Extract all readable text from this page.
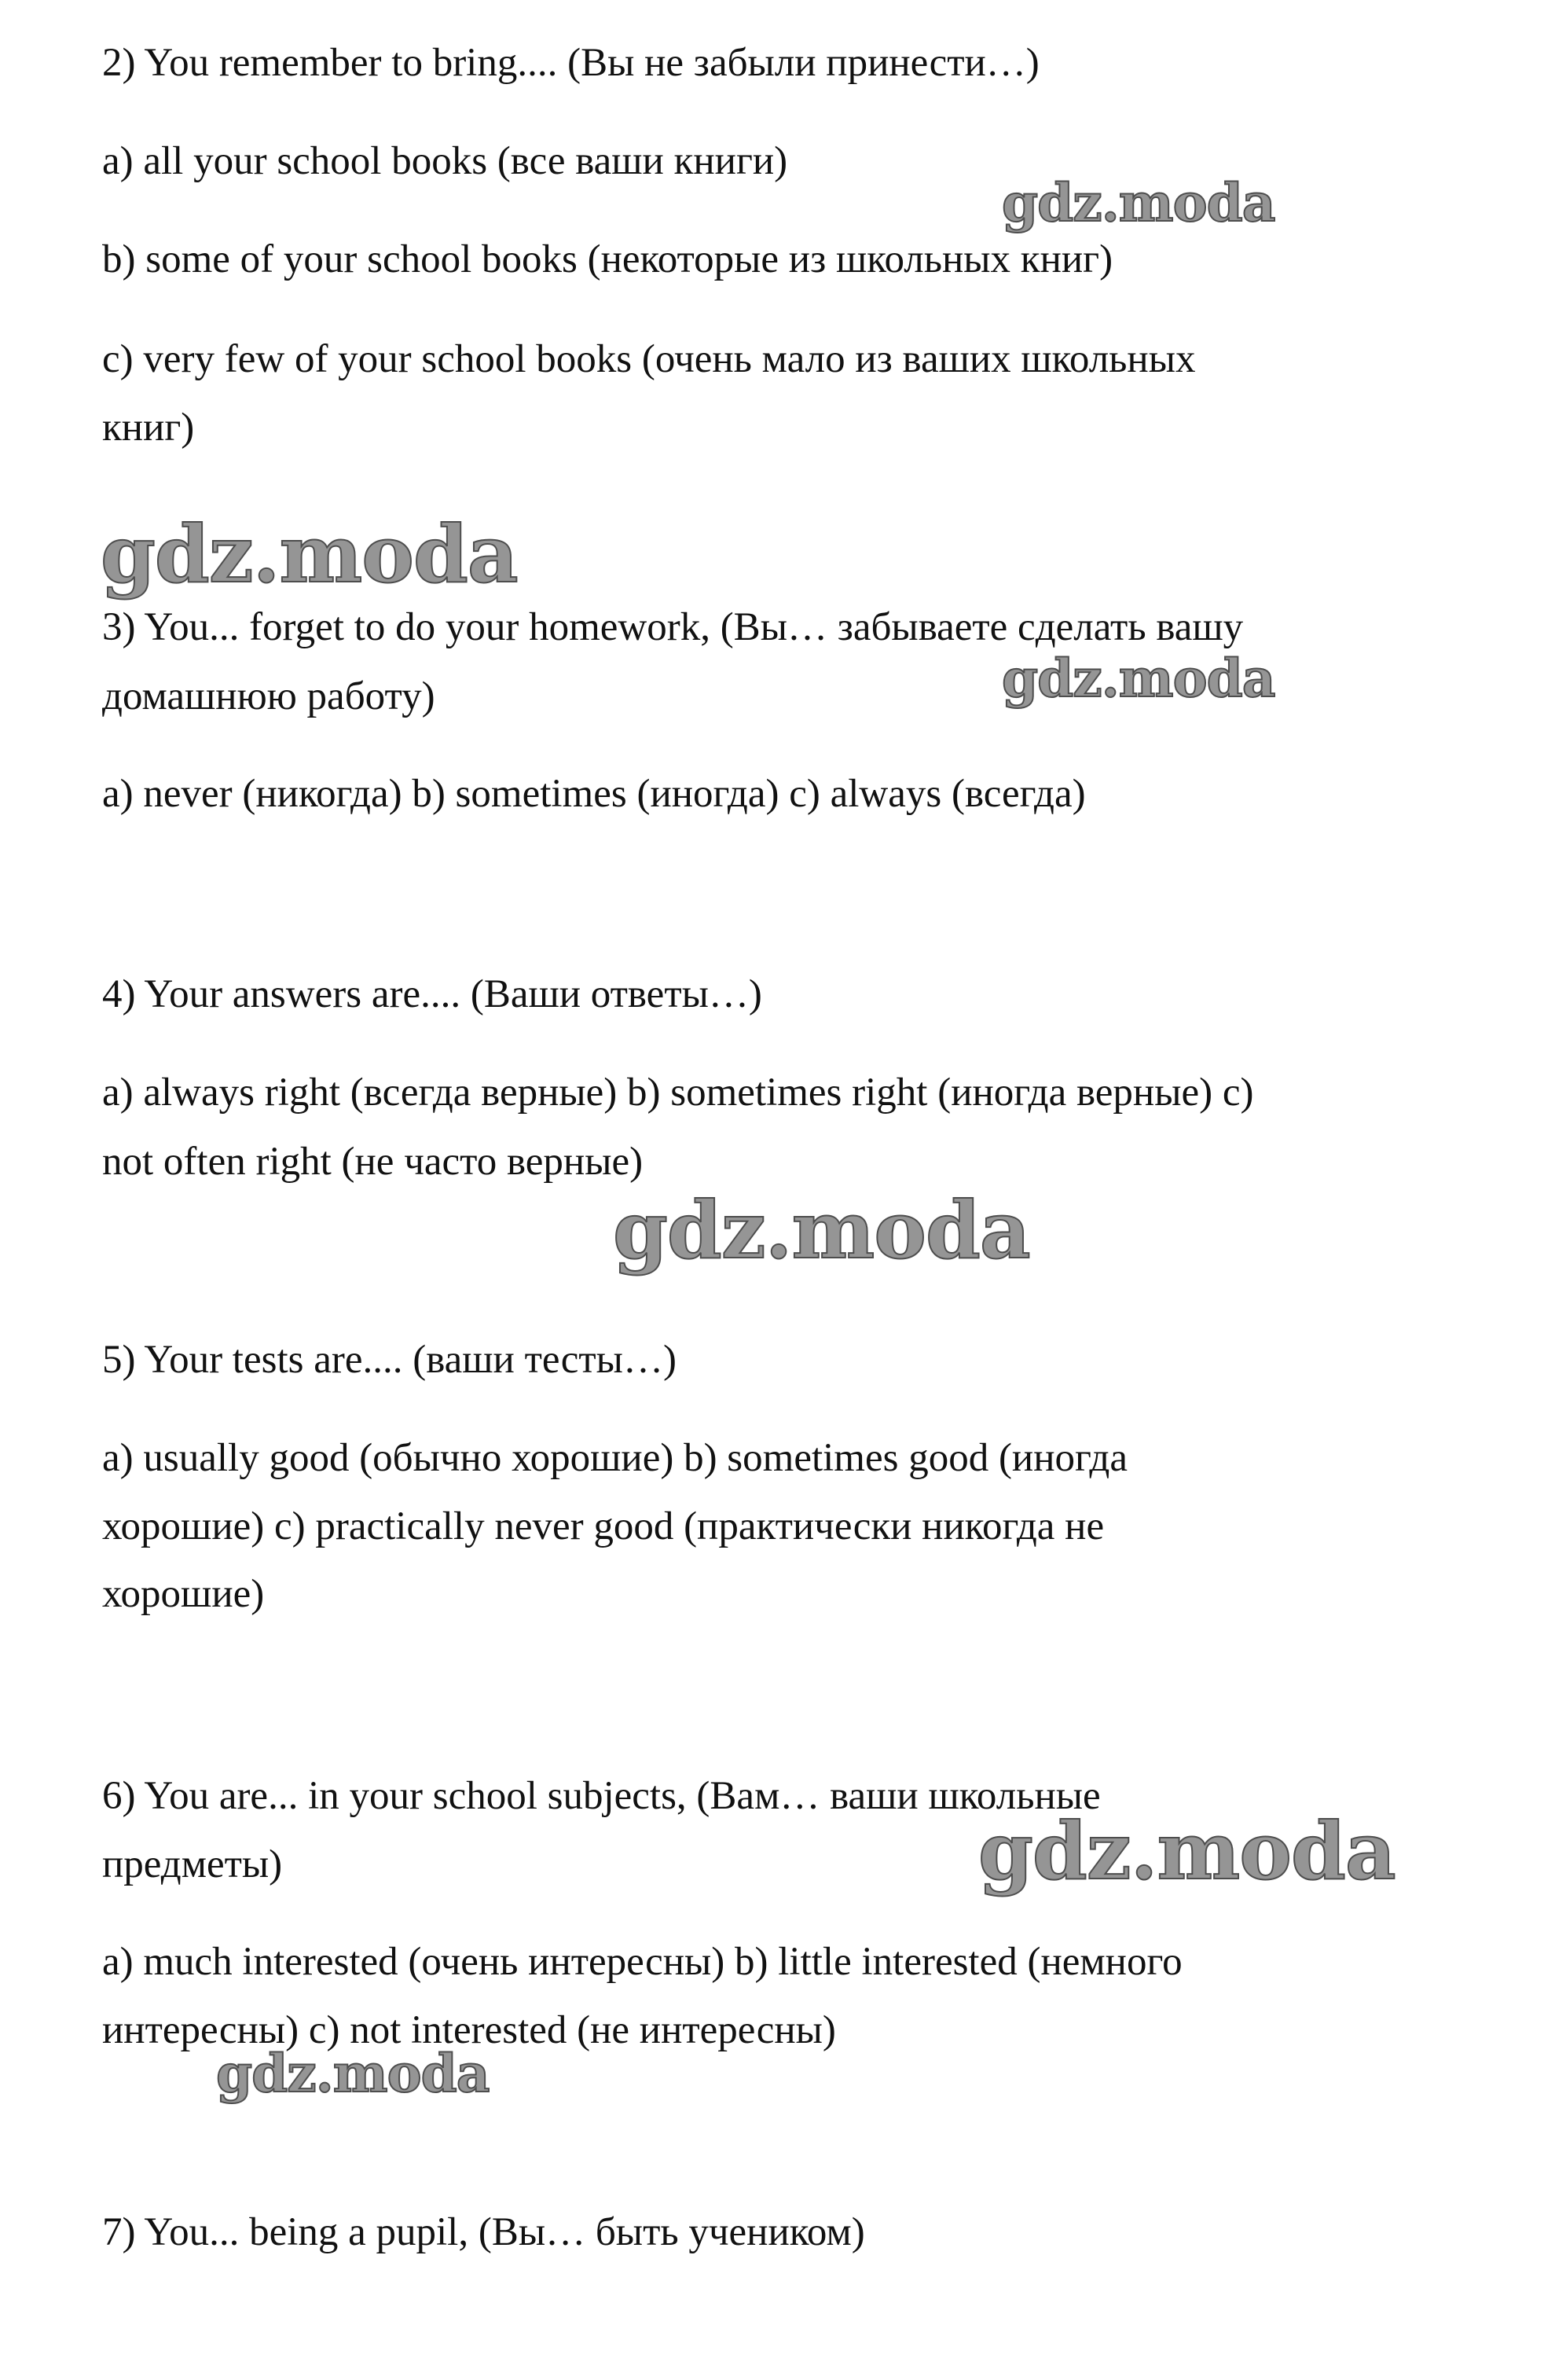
2) You remember to bring.... (Вы не забыли принести…)

a) all your school books (все ваши книги)

b) some of your school books (некоторые из школьных книг)

c) very few of your school books (очень мало из ваших школьных

книг)

3) You... forget to do your homework, (Вы… забываете сделать вашу

домашнюю работу)

a) never (никогда) b) sometimes (иногда) c) always (всегда)

4) Your answers are.... (Ваши ответы…)

a) always right (всегда верные) b) sometimes right (иногда верные) c)

not often right (не часто верные)

5) Your tests are.... (ваши тесты…)

a) usually good (обычно хорошие) b) sometimes good (иногда

хорошие) c) practically never good (практически никогда не

хорошие)

6) You are... in your school subjects, (Вам… ваши школьные

предметы)

a) much interested (очень интересны) b) little interested (немного

интересны) c) not interested (не интересны)

7) You... being a pupil, (Вы… быть учеником)

gdz.moda
gdz.moda
gdz.moda
gdz.moda
gdz.moda
gdz.moda
